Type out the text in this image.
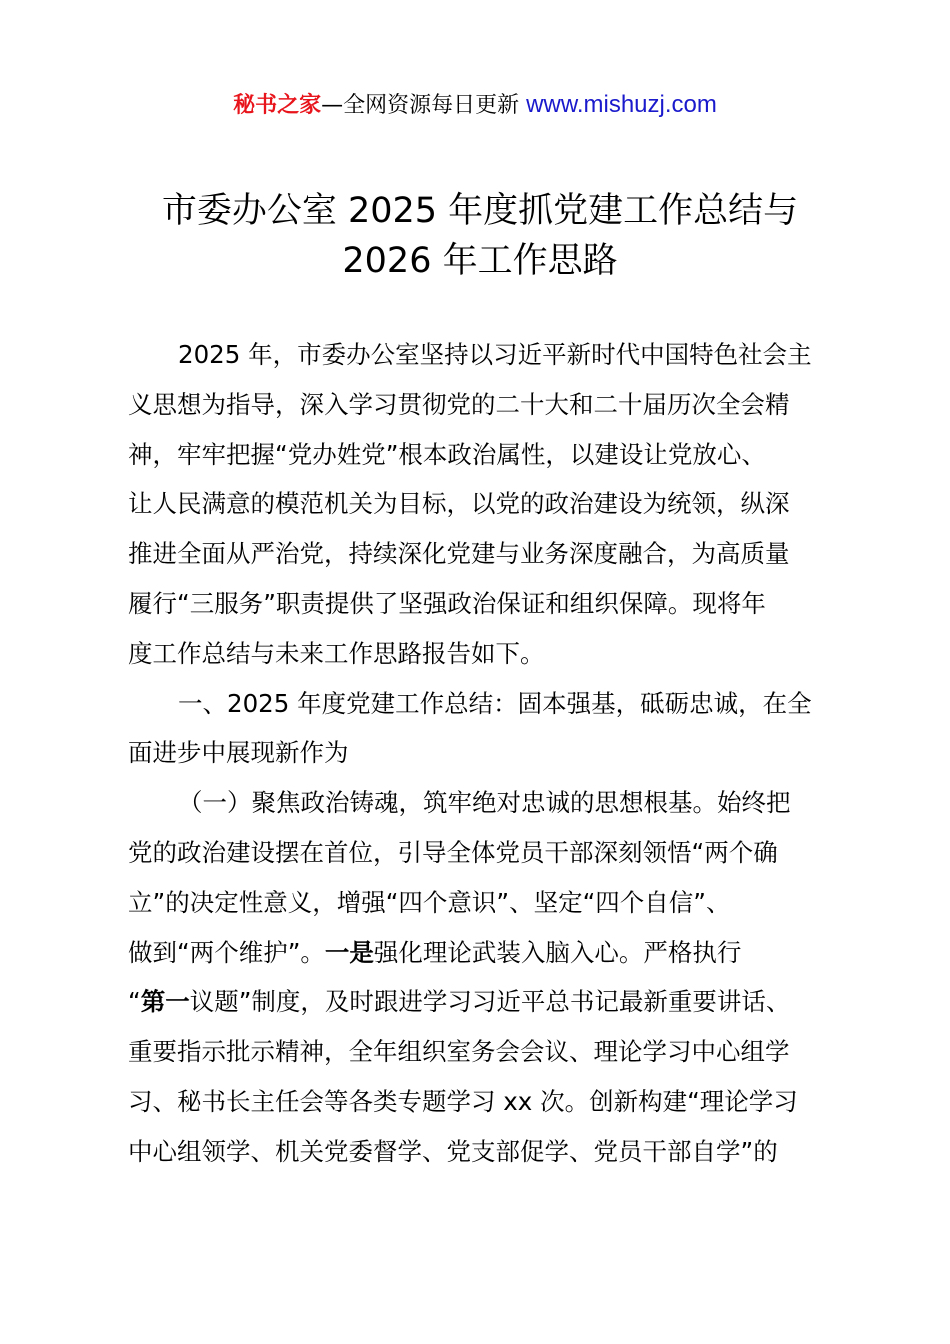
秘书之家—全网资源每日更新 www.mishuzj.com
市委办公室 2025 年度抓党建工作总结与
2026 年工作思路
2025 年，市委办公室坚持以习近平新时代中国特色社会主
义思想为指导，深入学习贯彻党的二十大和二十届历次全会精
神，牢牢把握“党办姓党”根本政治属性，以建设让党放心、
让人民满意的模范机关为目标，以党的政治建设为统领，纵深
推进全面从严治党，持续深化党建与业务深度融合，为高质量
履行“三服务”职责提供了坚强政治保证和组织保障。现将年
度工作总结与未来工作思路报告如下。
一、2025 年度党建工作总结：固本强基，砥砺忠诚，在全
面进步中展现新作为
（一）聚焦政治铸魂，筑牢绝对忠诚的思想根基。始终把
党的政治建设摆在首位，引导全体党员干部深刻领悟“两个确
立”的决定性意义，增强“四个意识”、坚定“四个自信”、
做到“两个维护”。一是强化理论武装入脑入心。严格执行
“第一议题”制度，及时跟进学习习近平总书记最新重要讲话、
重要指示批示精神，全年组织室务会会议、理论学习中心组学
习、秘书长主任会等各类专题学习 xx 次。创新构建“理论学习
中心组领学、机关党委督学、党支部促学、党员干部自学”的
